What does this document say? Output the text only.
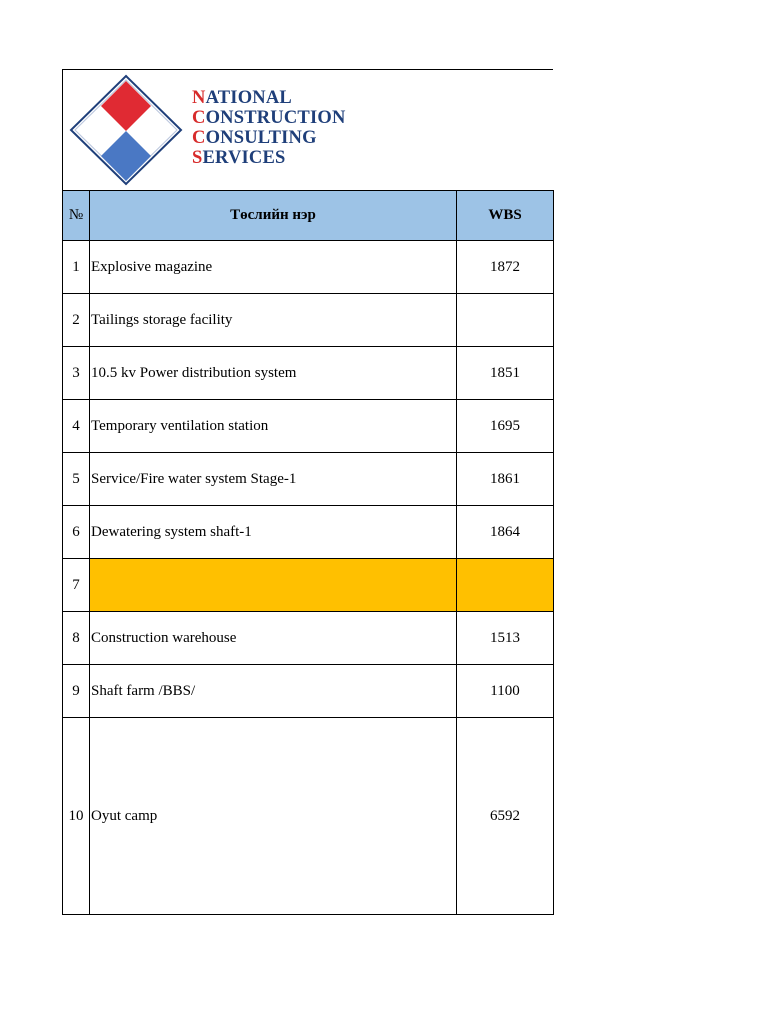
NATIONAL
CONSTRUCTION
CONSULTING
SERVICES
№	Төслийн нэр	WBS
1	Explosive magazine	1872
2	Tailings storage facility	
3	10.5 kv Power distribution system	1851
4	Temporary ventilation station	1695
5	Service/Fire water system Stage-1	1861
6	Dewatering system shaft-1	1864
7		
8	Construction warehouse	1513
9	Shaft farm /BBS/	1100
10	Oyut camp	6592
